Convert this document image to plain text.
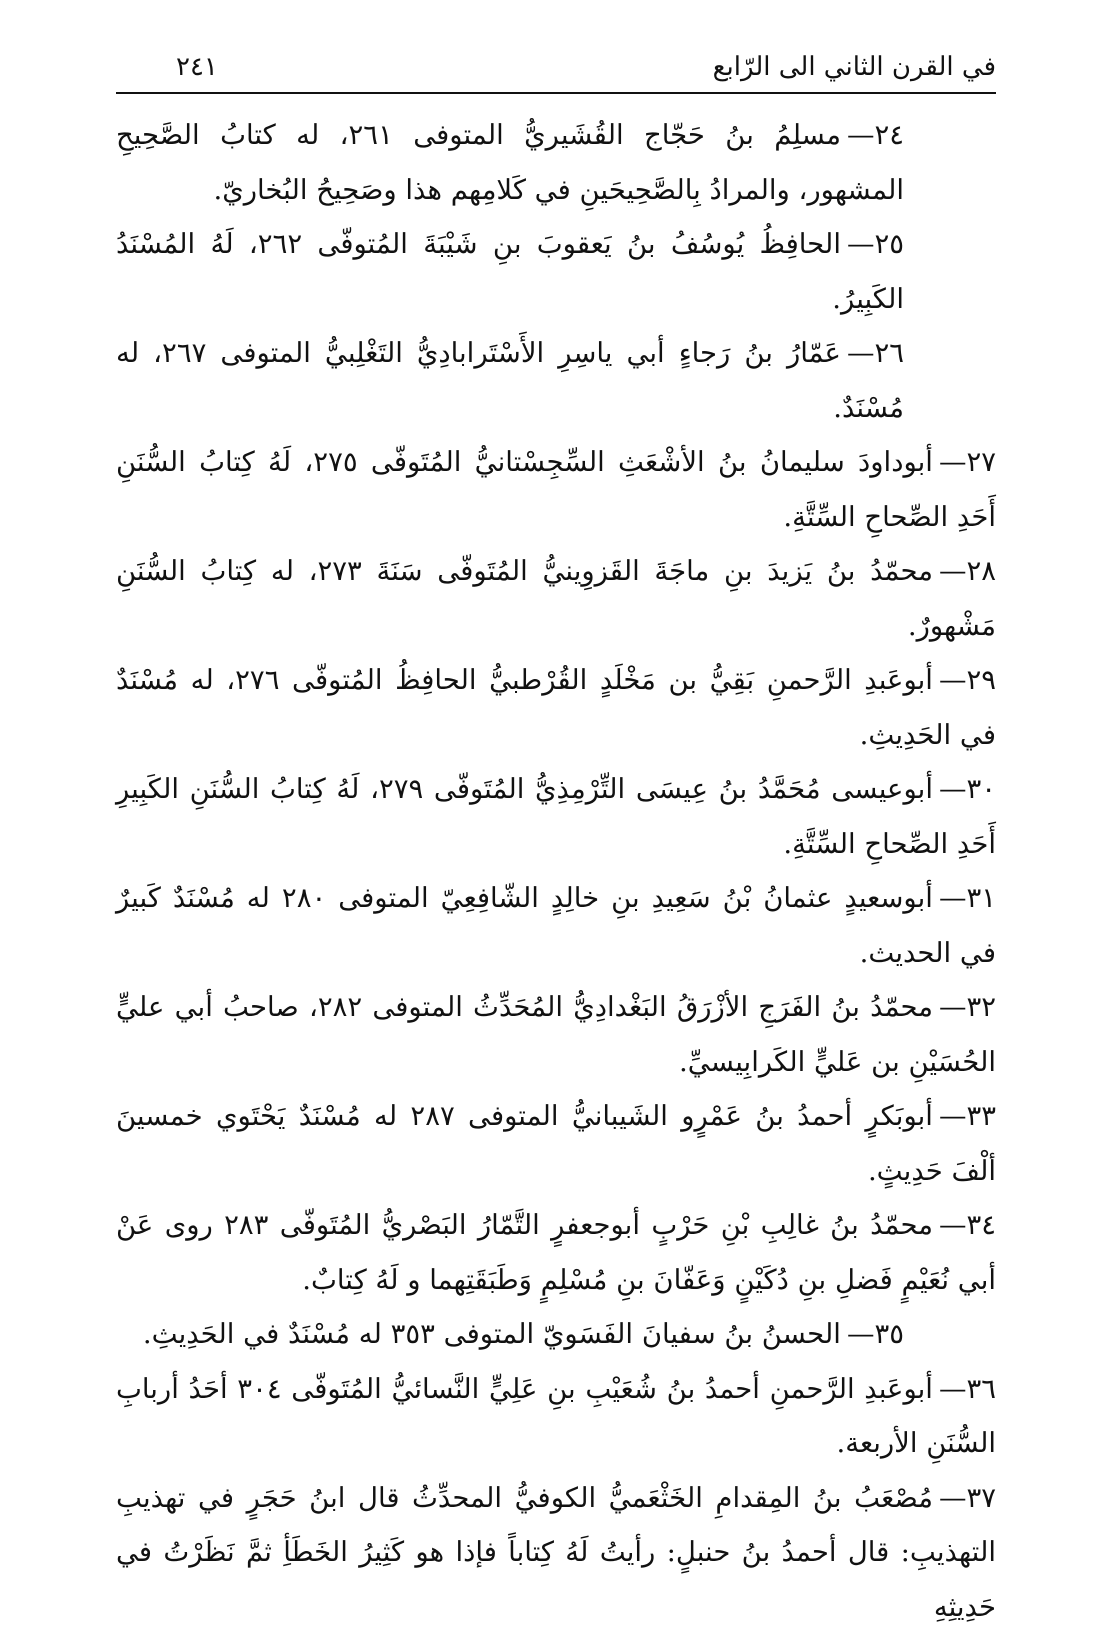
في القرن الثاني الى الرّابع
٢٤١

٢٤—مسلِمُ بنُ حَجّاج القُشَيريُّ المتوفى ٢٦١، له كتابُ الصَّحِيحِ المشهور، والمرادُ بِالصَّحِيحَينِ في كَلامِهم هذا وصَحِيحُ البُخاريّ.

٢٥—الحافِظُ يُوسُفُ بنُ يَعقوبَ بنِ شَيْبَةَ المُتوفّى ٢٦٢، لَهُ المُسْنَدُ الكَبِيرُ.

٢٦—عَمّارُ بنُ رَجاءٍ أبي ياسِرِ الأَسْتَرابادِيُّ التَغْلِبيُّ المتوفى ٢٦٧، له مُسْنَدٌ.

٢٧—أبوداودَ سليمانُ بنُ الأشْعَثِ السِّجِسْتانيُّ المُتَوفّى ٢٧٥، لَهُ كِتابُ السُّنَنِ أَحَدِ الصِّحاحِ السِّتَّةِ.

٢٨—محمّدُ بنُ يَزيدَ بنِ ماجَةَ القَزوِينيُّ المُتَوفّى سَنَةَ ٢٧٣، له كِتابُ السُّنَنِ مَشْهورٌ.

٢٩—أبوعَبدِ الرَّحمنِ بَقِيُّ بن مَخْلَدٍ القُرْطبيُّ الحافِظُ المُتوفّى ٢٧٦، له مُسْنَدٌ في الحَدِيثِ.

٣٠—أبوعيسى مُحَمَّدُ بنُ عِيسَى التِّرْمِذِيُّ المُتَوفّى ٢٧٩، لَهُ كِتابُ السُّنَنِ الكَبِيرِ أَحَدِ الصِّحاحِ السِّتَّةِ.

٣١—أبوسعيدٍ عثمانُ بْنُ سَعِيدِ بنِ خالِدٍ الشّافِعِيّ المتوفى ٢٨٠ له مُسْنَدٌ كَبيرٌ في الحديث.

٣٢—محمّدُ بنُ الفَرَجِ الأزْرَقُ البَغْدادِيُّ المُحَدِّثُ المتوفى ٢٨٢، صاحبُ أبي عليٍّ الحُسَيْنِ بن عَليٍّ الكَرابِيسيِّ.

٣٣—أبوبَكرٍ أحمدُ بنُ عَمْرٍو الشَيبانيُّ المتوفى ٢٨٧ له مُسْنَدٌ يَحْتَوي خمسينَ ألْفَ حَدِيثٍ.

٣٤—محمّدُ بنُ غالِبِ بْنِ حَرْبٍ أبوجعفرٍ التَّمّارُ البَصْريُّ المُتَوفّى ٢٨٣ روى عَنْ أبي نُعَيْمٍ فَضلِ بنِ دُكَيْنٍ وَعَفّانَ بنِ مُسْلِمٍ وَطَبَقَتِهما و لَهُ كِتابٌ.

٣٥—الحسنُ بنُ سفيانَ الفَسَويّ المتوفى ٣٥٣ له مُسْنَدٌ في الحَدِيثِ.

٣٦—أبوعَبدِ الرَّحمنِ أحمدُ بنُ شُعَيْبِ بنِ عَلِيٍّ النَّسائيُّ المُتَوفّى ٣٠٤ أحَدُ أربابِ السُّنَنِ الأربعة.

٣٧—مُصْعَبُ بنُ المِقدامِ الخَثْعَميُّ الكوفيُّ المحدِّثُ قال ابنُ حَجَرٍ في تهذيبِ التهذيبِ: قال أحمدُ بنُ حنبلٍ: رأيتُ لَهُ كِتاباً فإذا هو كَثِيرُ الخَطَأِ ثمَّ نَظَرْتُ في حَدِيثِهِ
